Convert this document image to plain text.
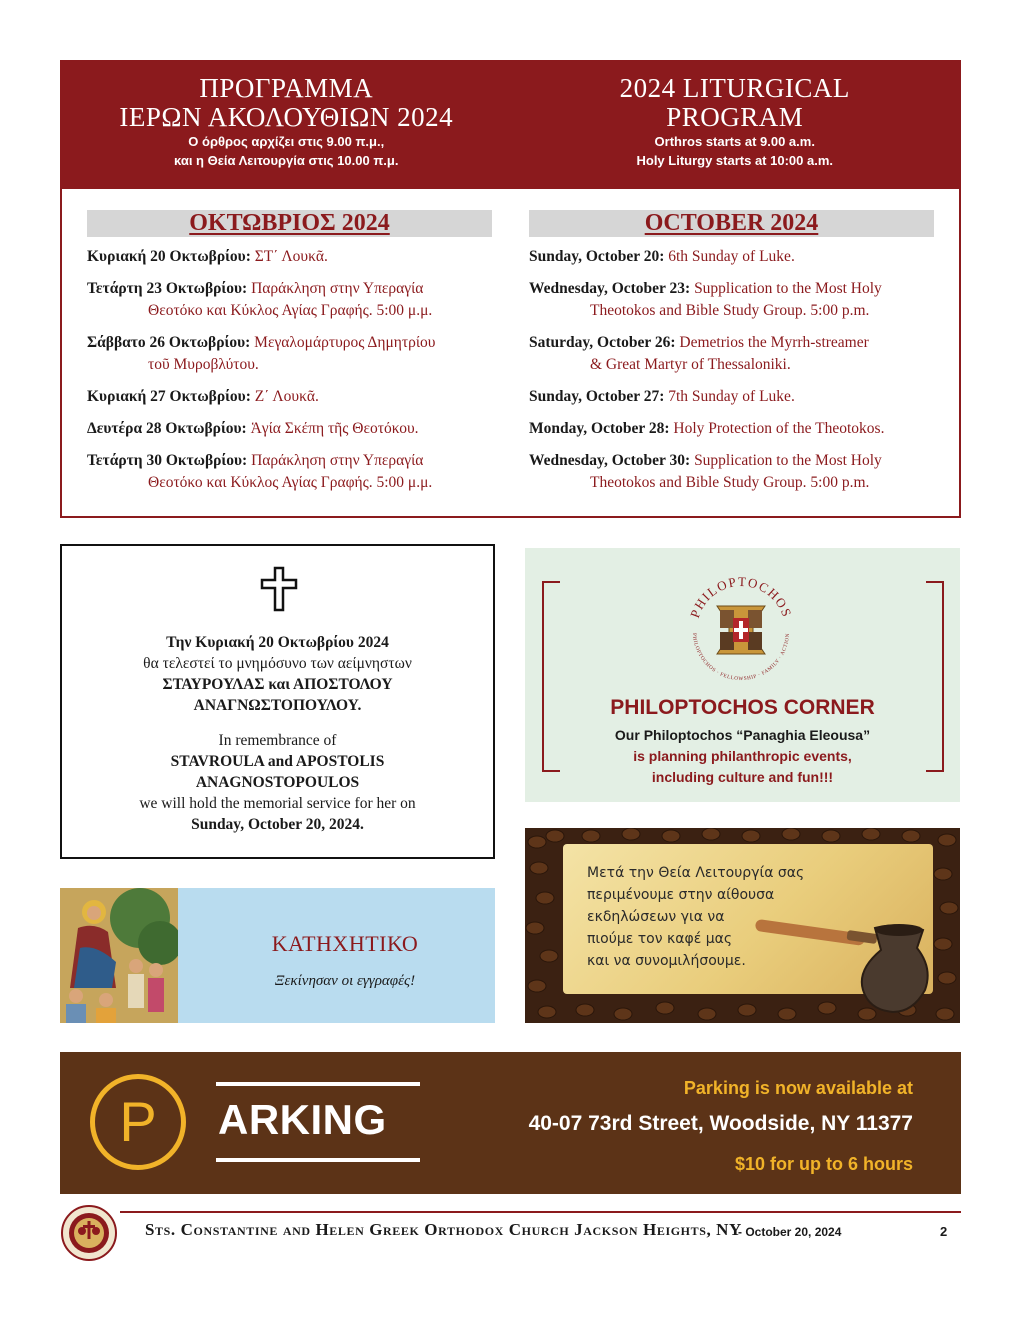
ΠΡΟΓΡΑΜΜΑ
ΙΕΡΩΝ ΑΚΟΛΟΥΘΙΩΝ 2024
Ο όρθρος αρχίζει στις 9.00 π.μ.,
και η Θεία Λειτουργία στις 10.00 π.μ.
2024 LITURGICAL
PROGRAM
Orthros starts at 9.00 a.m.
Holy Liturgy starts at 10:00 a.m.
ΟΚΤΩΒΡΙΟΣ 2024	OCTOBER 2024
Κυριακή 20 Οκτωβρίου: ΣΤ΄ Λουκᾶ.
Τετάρτη 23 Οκτωβρίου: Παράκληση στην Υπεραγία
Θεοτόκο και Κύκλος Αγίας Γραφής. 5:00 μ.μ.
Σάββατο 26 Οκτωβρίου: Μεγαλομάρτυρος Δημητρίου
τοῦ Μυροβλύτου.
Κυριακή 27 Οκτωβρίου: Ζ΄ Λουκᾶ.
Δευτέρα 28 Οκτωβρίου: Ἁγία Σκέπη τῆς Θεοτόκου.
Τετάρτη 30 Οκτωβρίου: Παράκληση στην Υπεραγία
Θεοτόκο και Κύκλος Αγίας Γραφής. 5:00 μ.μ.
Sunday, October 20: 6th Sunday of Luke.
Wednesday, October 23: Supplication to the Most Holy
Theotokos and Bible Study Group. 5:00 p.m.
Saturday, October 26: Demetrios the Myrrh-streamer
& Great Martyr of Thessaloniki.
Sunday, October 27: 7th Sunday of Luke.
Monday, October 28: Holy Protection of the Theotokos.
Wednesday, October 30: Supplication to the Most Holy
Theotokos and Bible Study Group. 5:00 p.m.
Την Κυριακή 20 Οκτωβρίου 2024
θα τελεστεί το μνημόσυνο των αείμνηστων
ΣΤΑΥΡΟΥΛΑΣ και ΑΠΟΣΤΟΛΟΥ
ΑΝΑΓΝΩΣΤΟΠΟΥΛΟΥ.
In remembrance of
STAVROULA and APOSTOLIS
ANAGNOSTOPOULOS
we will hold the memorial service for her on
Sunday, October 20, 2024.
PHILOPTOCHOS
PHILOPTOCHOS · FELLOWSHIP · FAMILY · ACTION
PHILOPTOCHOS CORNER
Our Philoptochos “Panaghia Eleousa”
is planning philanthropic events,
including culture and fun!!!
Μετά την Θεία Λειτουργία σας
περιμένουμε στην αίθουσα
εκδηλώσεων για να
πιούμε τον καφέ μας
και να συνομιλήσουμε.
ΚΑΤΗΧΗΤΙΚΟ
Ξεκίνησαν οι εγγραφές!
P	ARKING
Parking is now available at
40-07 73rd Street, Woodside, NY 11377
$10 for up to 6 hours
Sts. Constantine and Helen Greek Orthodox Church Jackson Heights, NY
- October 20, 2024	2
